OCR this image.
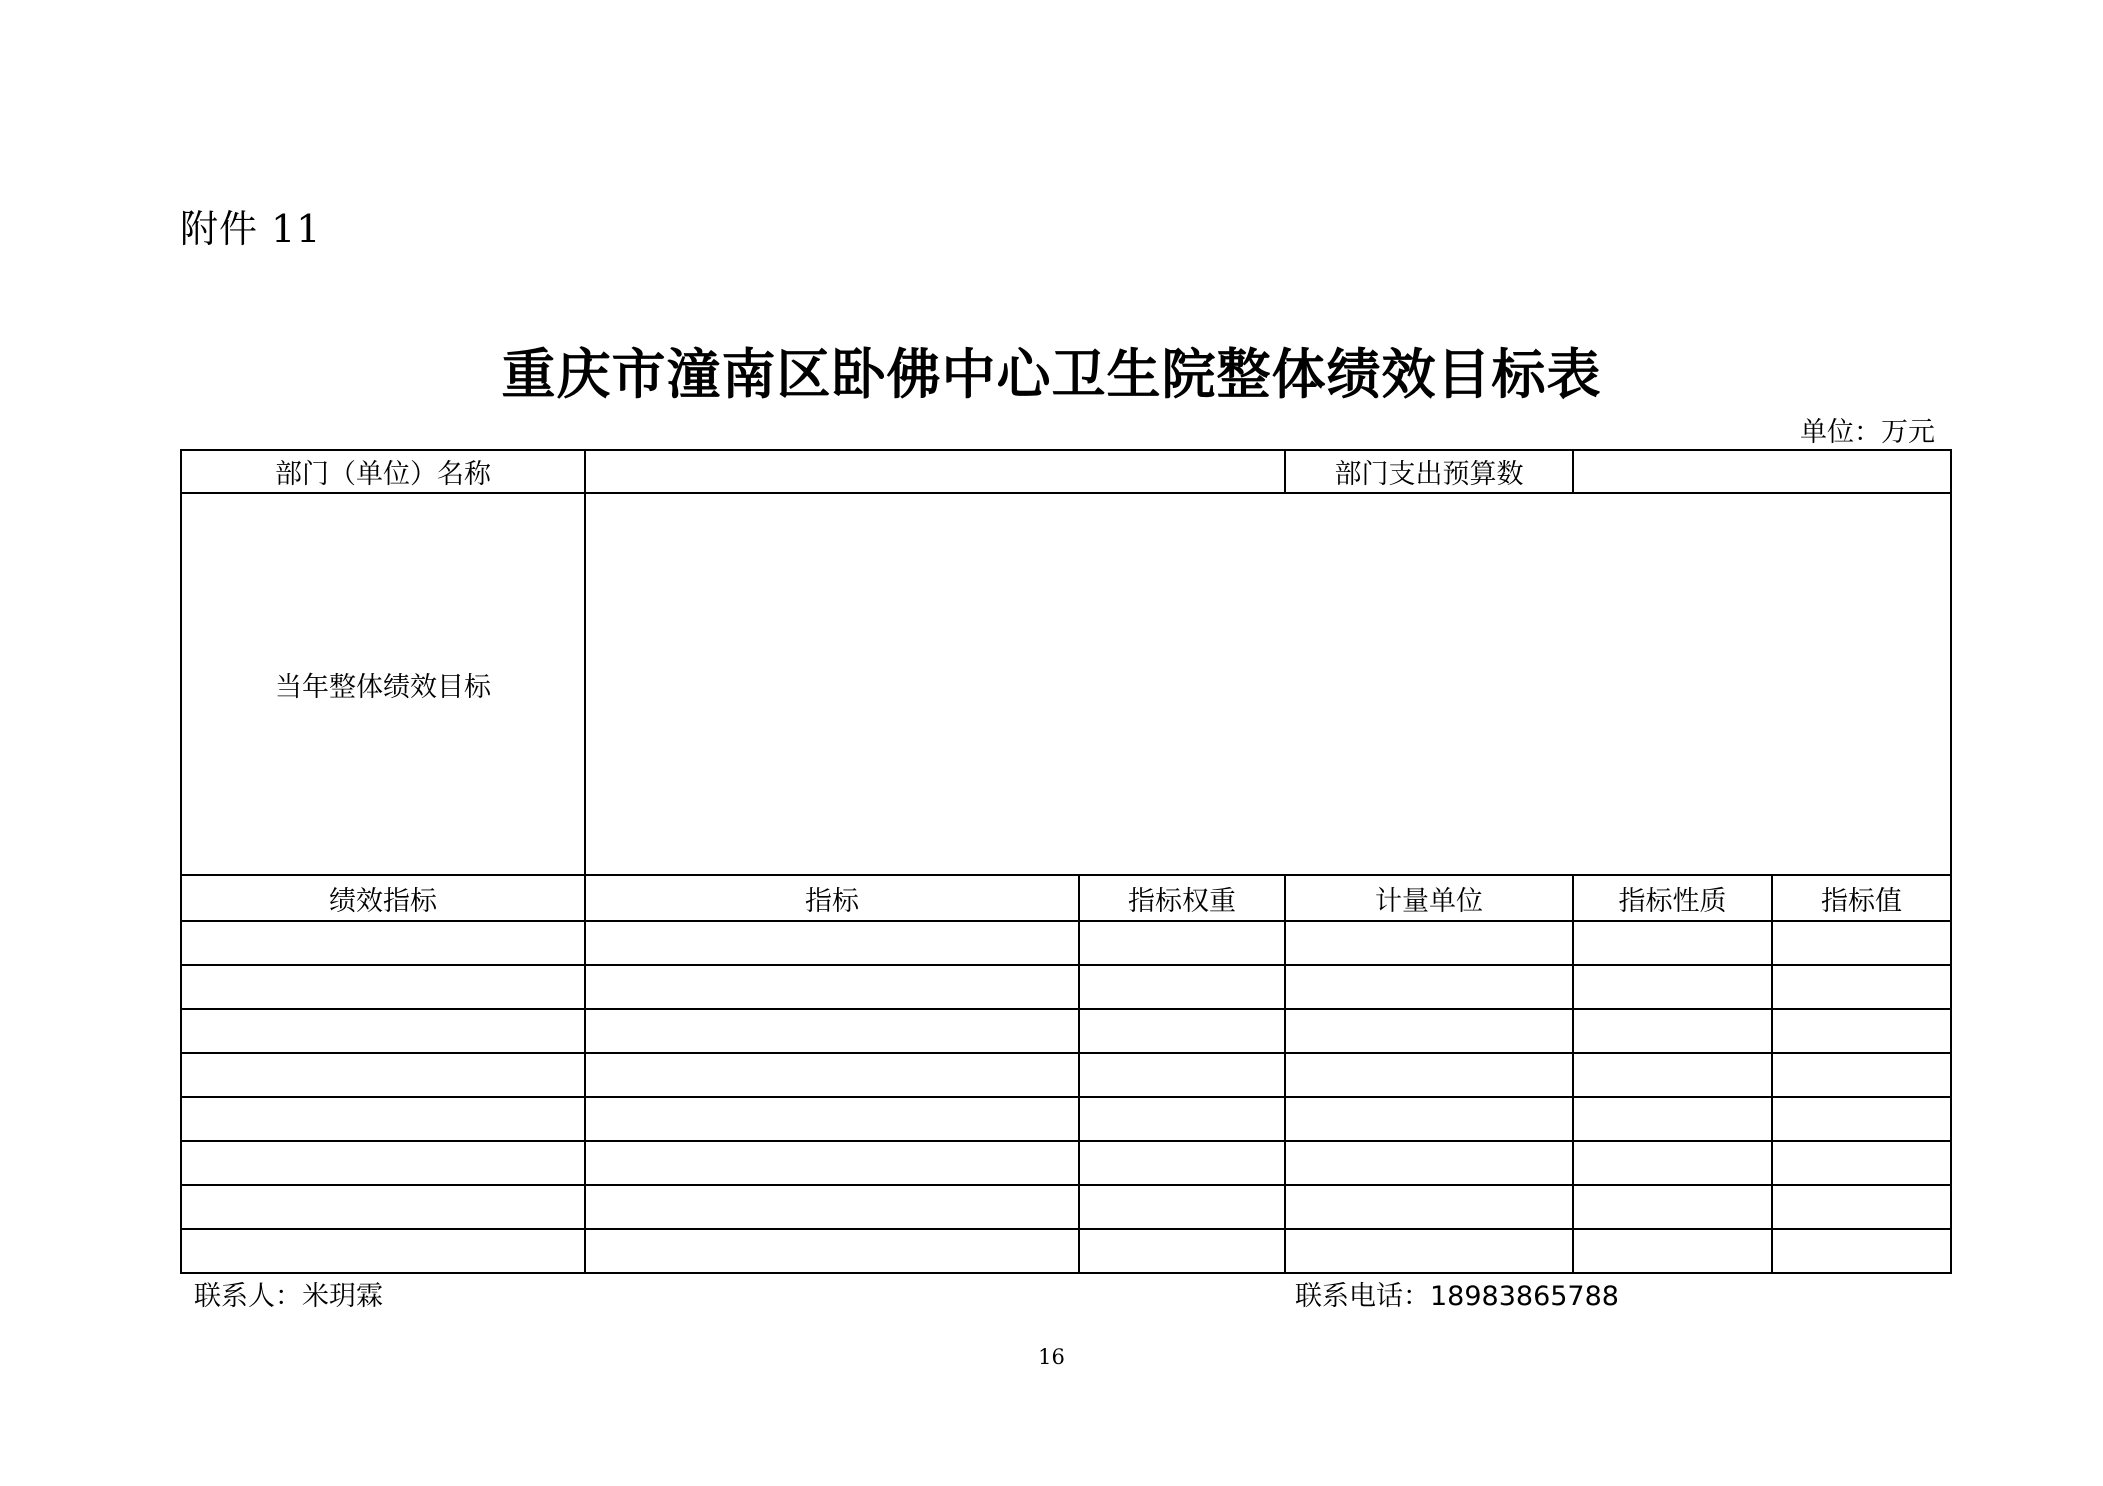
附件 11
重庆市潼南区卧佛中心卫生院整体绩效目标表
单位：万元
部门（单位）名称			部门支出预算数		
当年整体绩效目标					
绩效指标	指标	指标权重	计量单位	指标性质	指标值

联系人：米玥霖	联系电话：18983865788
16
